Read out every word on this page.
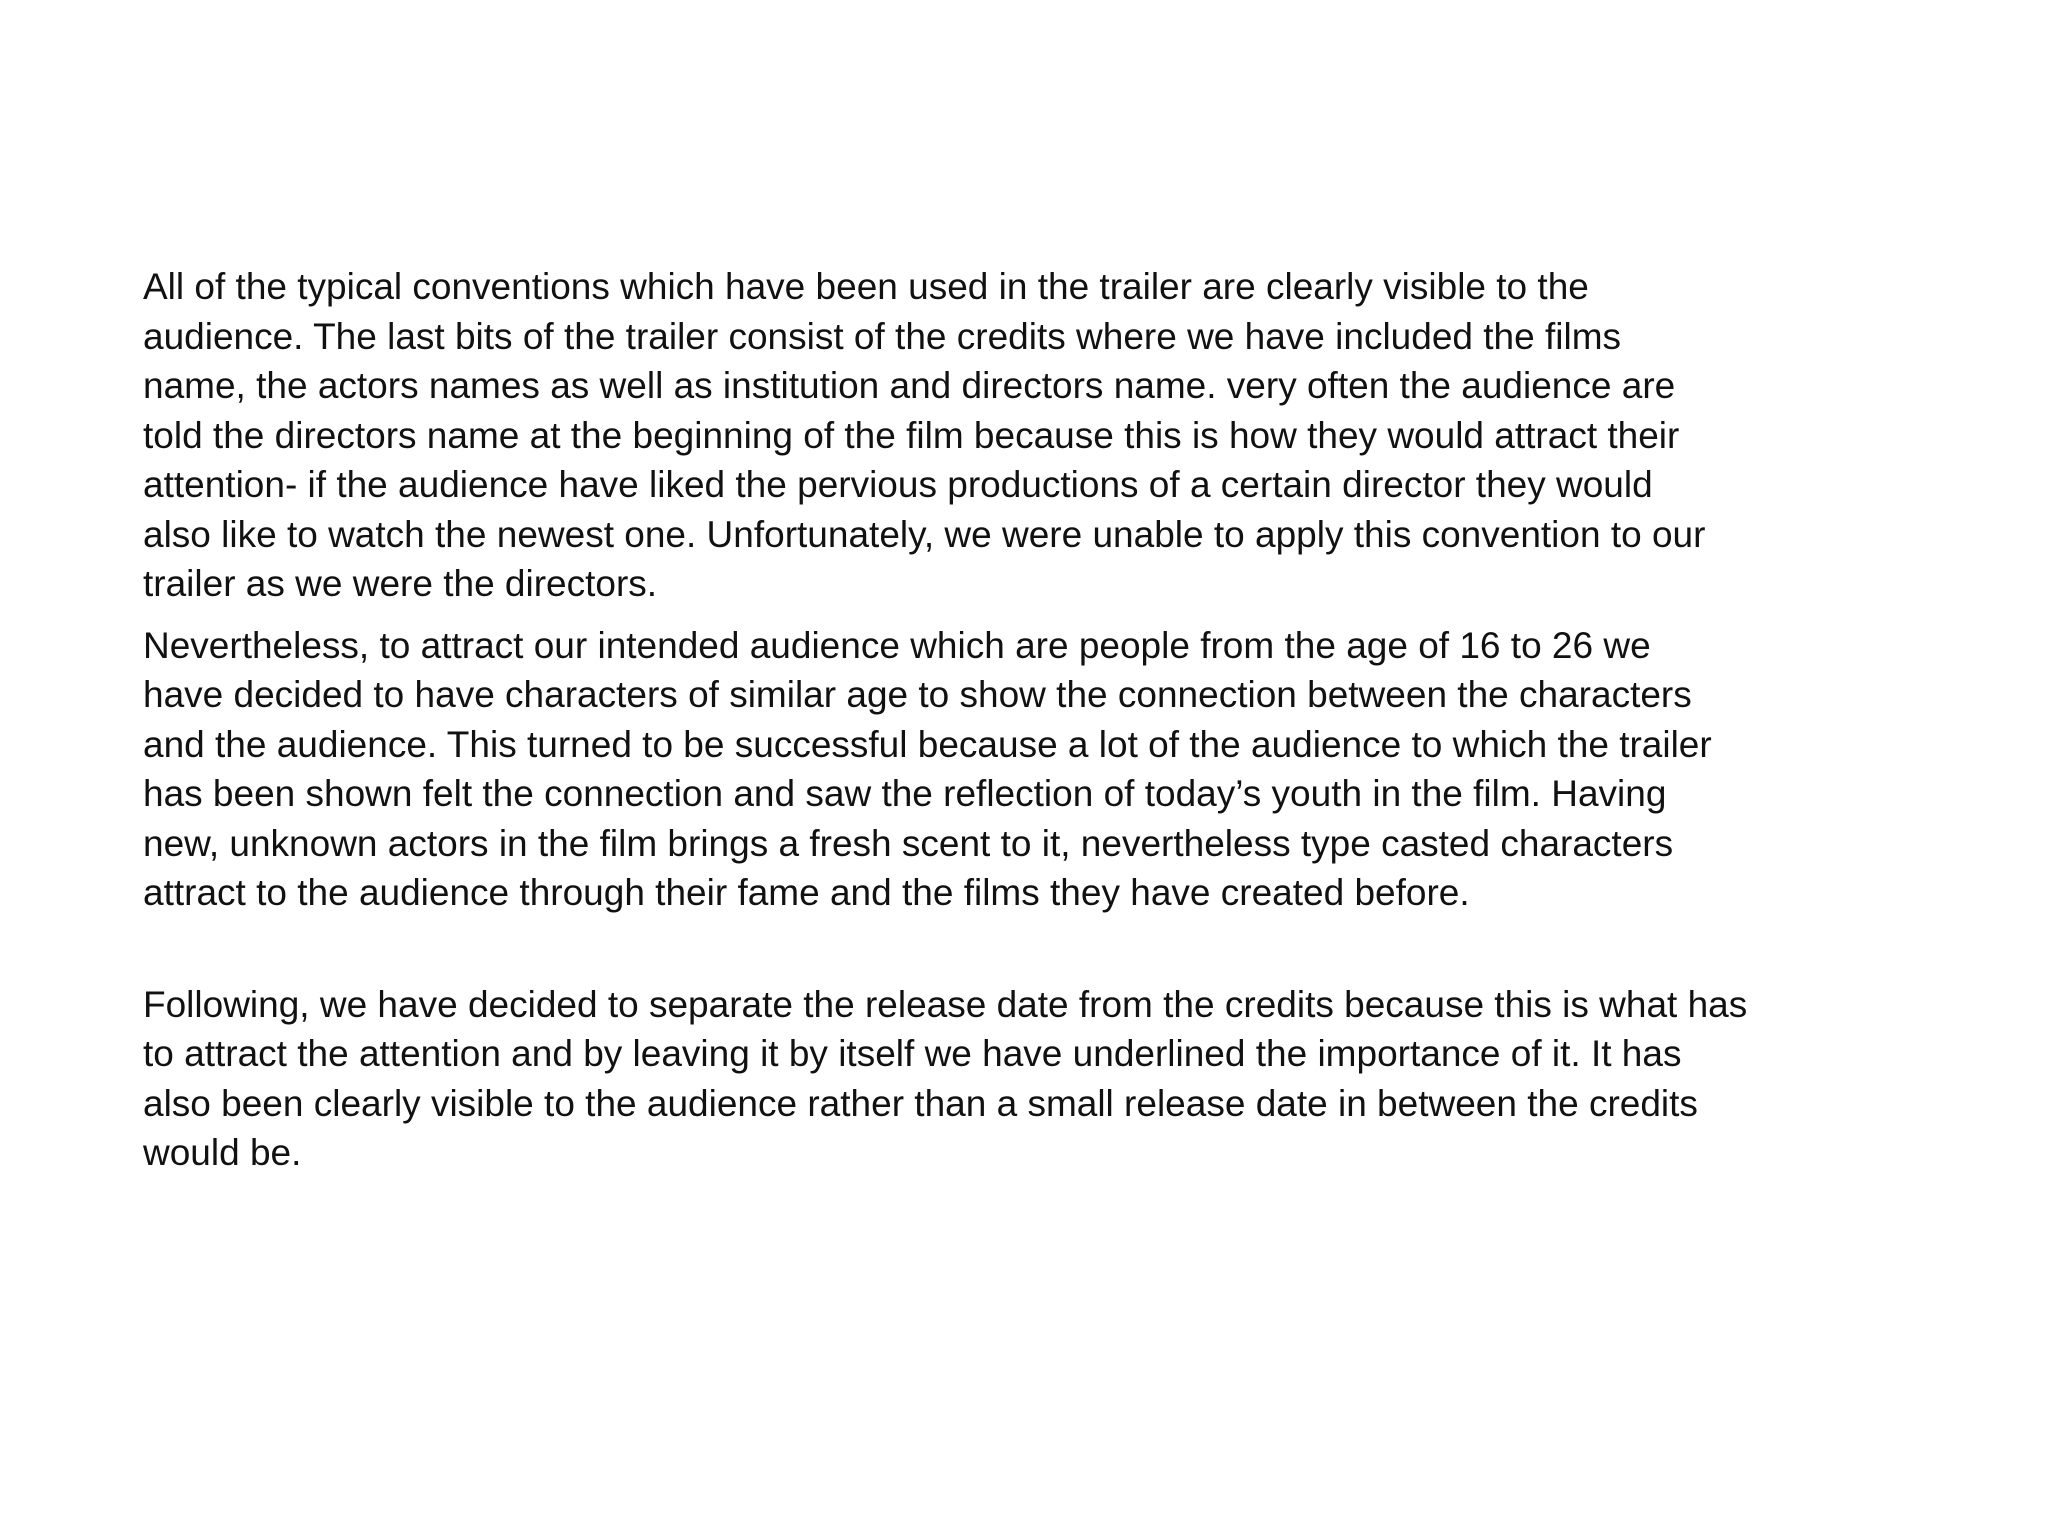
All of the typical conventions which have been used in the trailer are clearly visible to the
audience. The last bits of the trailer consist of the credits where we have included the films
name, the actors names as well as institution and directors name. very often the audience are
told the directors name at the beginning of the film because this is how they would attract their
attention- if the audience have liked the pervious productions of a certain director they would
also like to watch the newest one. Unfortunately, we were unable to apply this convention to our
trailer as we were the directors.

Nevertheless, to attract our intended audience which are people from the age of 16 to 26 we
have decided to have characters of similar age to show the connection between the characters
and the audience. This turned to be successful because a lot of the audience to which the trailer
has been shown felt the connection and saw the reflection of today’s youth in the film. Having
new, unknown actors in the film brings a fresh scent to it, nevertheless type casted characters
attract to the audience through their fame and the films they have created before.

Following, we have decided to separate the release date from the credits because this is what has
to attract the attention and by leaving it by itself we have underlined the importance of it. It has
also been clearly visible to the audience rather than a small release date in between the credits
would be.
